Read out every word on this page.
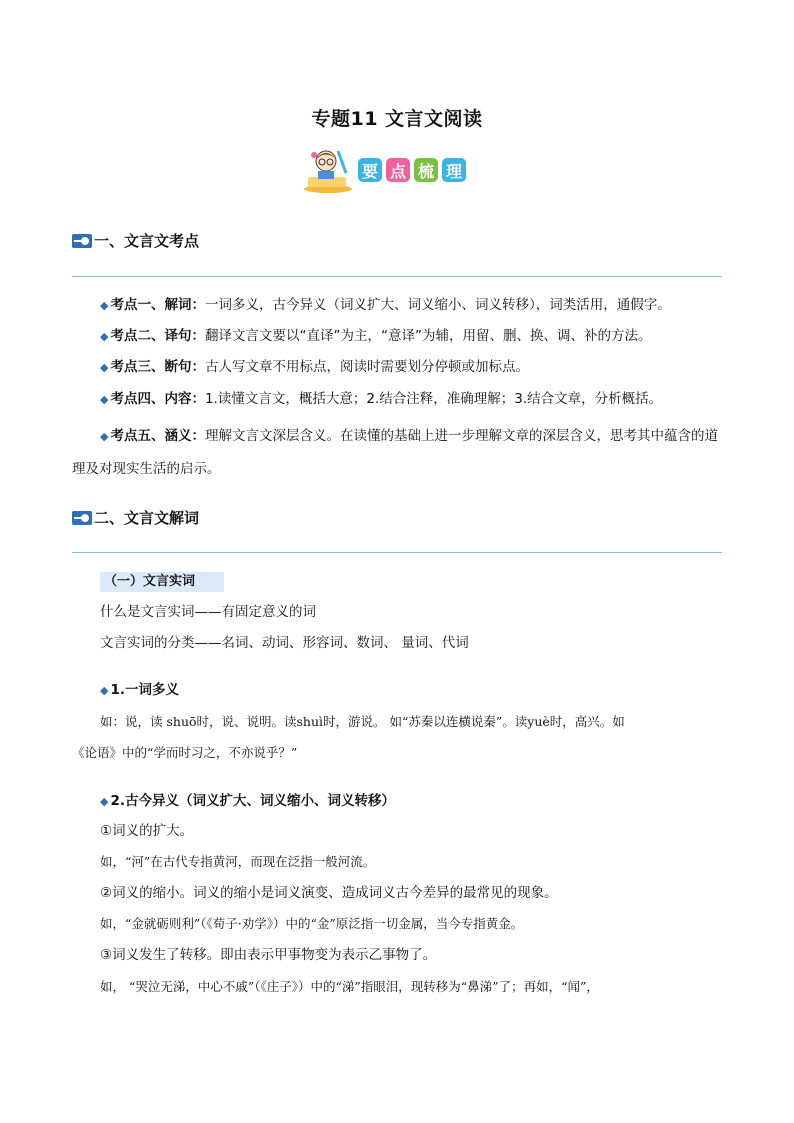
专题11 文言文阅读
要 点 梳 理
一、文言文考点
◆ 考点一、解词：一词多义，古今异义（词义扩大、词义缩小、词义转移），词类活用，通假字。
◆ 考点二、译句：翻译文言文要以“直译”为主，“意译”为辅，用留、删、换、调、补的方法。
◆ 考点三、断句：古人写文章不用标点，阅读时需要划分停顿或加标点。
◆ 考点四、内容：1.读懂文言文，概括大意；2.结合注释，准确理解；3.结合文章，分析概括。
◆ 考点五、涵义：理解文言文深层含义。在读懂的基础上进一步理解文章的深层含义，思考其中蕴含的道理及对现实生活的启示。
二、文言文解词
（一）文言实词
什么是文言实词——有固定意义的词
文言实词的分类——名词、动词、形容词、数词、 量词、代词
◆ 1.一词多义
如：说，读 shuō时，说、说明。读shuì时，游说。 如“苏秦以连横说秦”。读yuè时，高兴。如
《论语》中的“学而时习之，不亦说乎？”
◆ 2.古今异义（词义扩大、词义缩小、词义转移）
①词义的扩大。
如，“河”在古代专指黄河，而现在泛指一般河流。
②词义的缩小。词义的缩小是词义演变、造成词义古今差异的最常见的现象。
如，“金就砺则利”（《荀子·劝学》）中的“金”原泛指一切金属，当今专指黄金。
③词义发生了转移。即由表示甲事物变为表示乙事物了。
如， “哭泣无涕，中心不戚”（《庄子》）中的“涕”指眼泪，现转移为“鼻涕”了；再如，“闻”，
